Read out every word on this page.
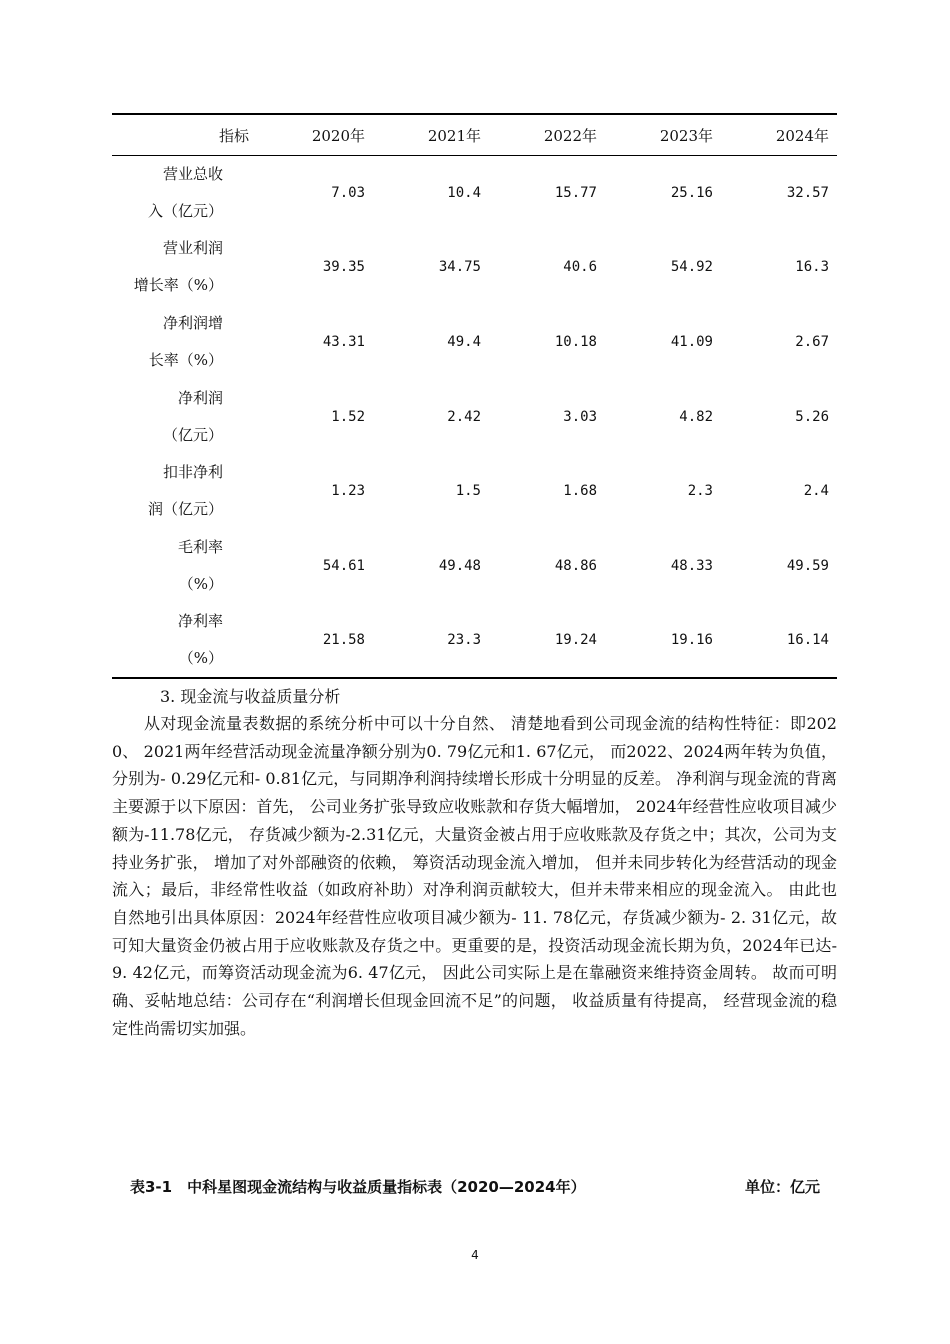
指标	2020年	2021年	2022年	2023年	2024年

营业总收
入（亿元）	7.03	10.4	15.77	25.16	32.57

营业利润
增长率（%）	39.35	34.75	40.6	54.92	16.3

净利润增
长率（%）	43.31	49.4	10.18	41.09	2.67

净利润
（亿元）	1.52	2.42	3.03	4.82	5.26

扣非净利
润（亿元）	1.23	1.5	1.68	2.3	2.4

毛利率
（%）	54.61	49.48	48.86	48.33	49.59

净利率
（%）	21.58	23.3	19.24	19.16	16.14
3. 现金流与收益质量分析

从对现金流量表数据的系统分析中可以十分自然、 清楚地看到公司现金流的结构性特征：即2020、 2021两年经营活动现金流量净额分别为0. 79亿元和1. 67亿元， 而2022、2024两年转为负值，分别为- 0.29亿元和- 0.81亿元，与同期净利润持续增长形成十分明显的反差。 净利润与现金流的背离主要源于以下原因：首先， 公司业务扩张导致应收账款和存货大幅增加， 2024年经营性应收项目减少额为-11.78亿元， 存货减少额为-2.31亿元，大量资金被占用于应收账款及存货之中；其次，公司为支持业务扩张， 增加了对外部融资的依赖， 筹资活动现金流入增加， 但并未同步转化为经营活动的现金流入；最后，非经常性收益（如政府补助）对净利润贡献较大，但并未带来相应的现金流入。 由此也自然地引出具体原因：2024年经营性应收项目减少额为- 11. 78亿元，存货减少额为- 2. 31亿元，故可知大量资金仍被占用于应收账款及存货之中。更重要的是，投资活动现金流长期为负，2024年已达- 9. 42亿元，而筹资活动现金流为6. 47亿元， 因此公司实际上是在靠融资来维持资金周转。 故而可明确、妥帖地总结：公司存在“利润增长但现金回流不足”的问题， 收益质量有待提高， 经营现金流的稳定性尚需切实加强。

表3-1　中科星图现金流结构与收益质量指标表（2020—2024年）	单位：亿元
4
